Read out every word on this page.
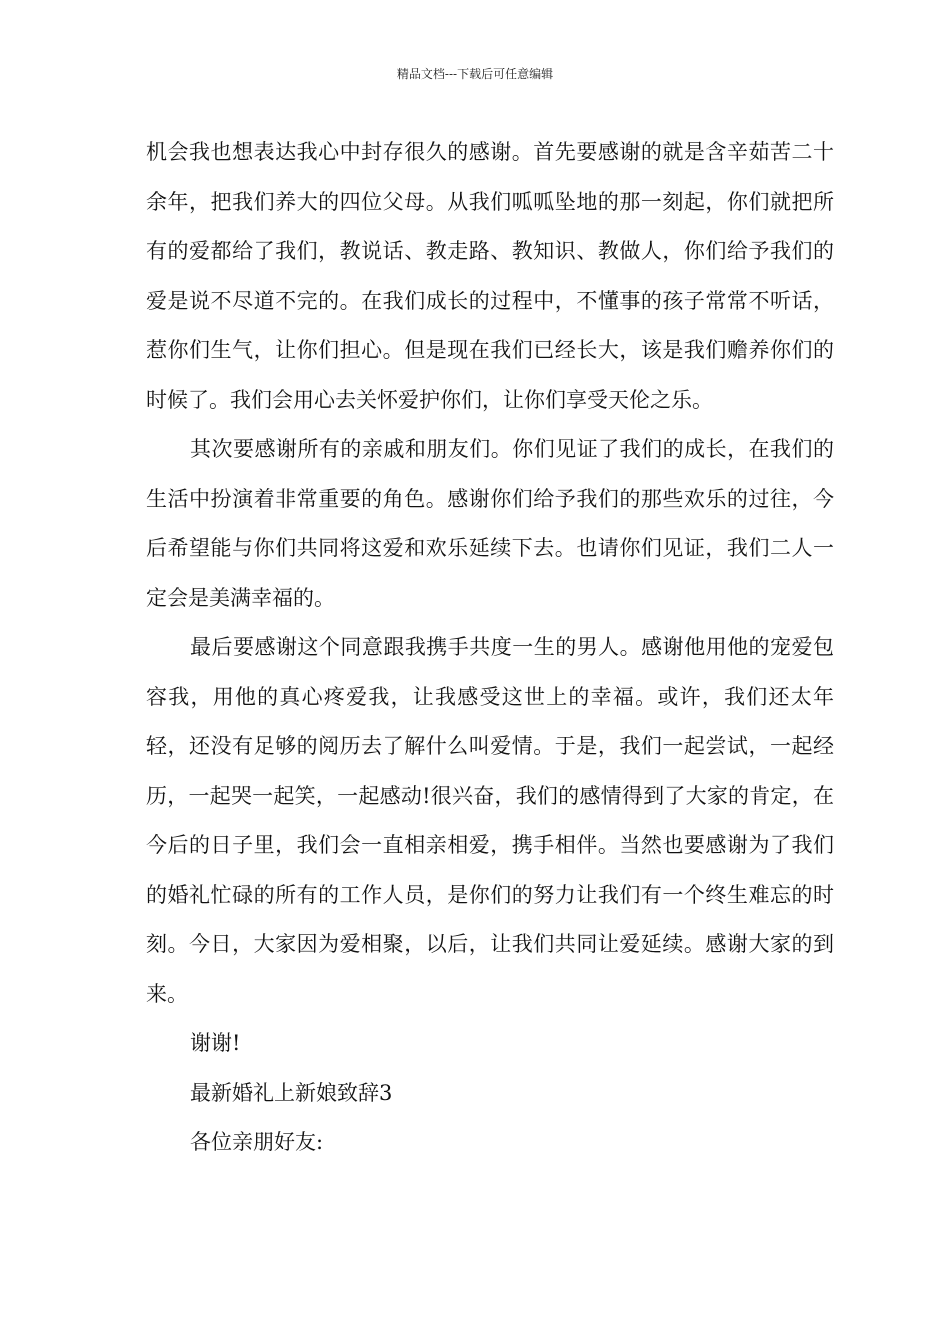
精品文档---下载后可任意编辑

机会我也想表达我心中封存很久的感谢。首先要感谢的就是含辛茹苦二十余年，把我们养大的四位父母。从我们呱呱坠地的那一刻起，你们就把所有的爱都给了我们，教说话、教走路、教知识、教做人，你们给予我们的爱是说不尽道不完的。在我们成长的过程中，不懂事的孩子常常不听话，惹你们生气，让你们担心。但是现在我们已经长大，该是我们赡养你们的时候了。我们会用心去关怀爱护你们，让你们享受天伦之乐。

其次要感谢所有的亲戚和朋友们。你们见证了我们的成长，在我们的生活中扮演着非常重要的角色。感谢你们给予我们的那些欢乐的过往，今后希望能与你们共同将这爱和欢乐延续下去。也请你们见证，我们二人一定会是美满幸福的。

最后要感谢这个同意跟我携手共度一生的男人。感谢他用他的宠爱包容我，用他的真心疼爱我，让我感受这世上的幸福。或许，我们还太年轻，还没有足够的阅历去了解什么叫爱情。于是，我们一起尝试，一起经历，一起哭一起笑，一起感动!很兴奋，我们的感情得到了大家的肯定，在今后的日子里，我们会一直相亲相爱，携手相伴。当然也要感谢为了我们的婚礼忙碌的所有的工作人员，是你们的努力让我们有一个终生难忘的时刻。今日，大家因为爱相聚，以后，让我们共同让爱延续。感谢大家的到来。

谢谢!

最新婚礼上新娘致辞3

各位亲朋好友:
